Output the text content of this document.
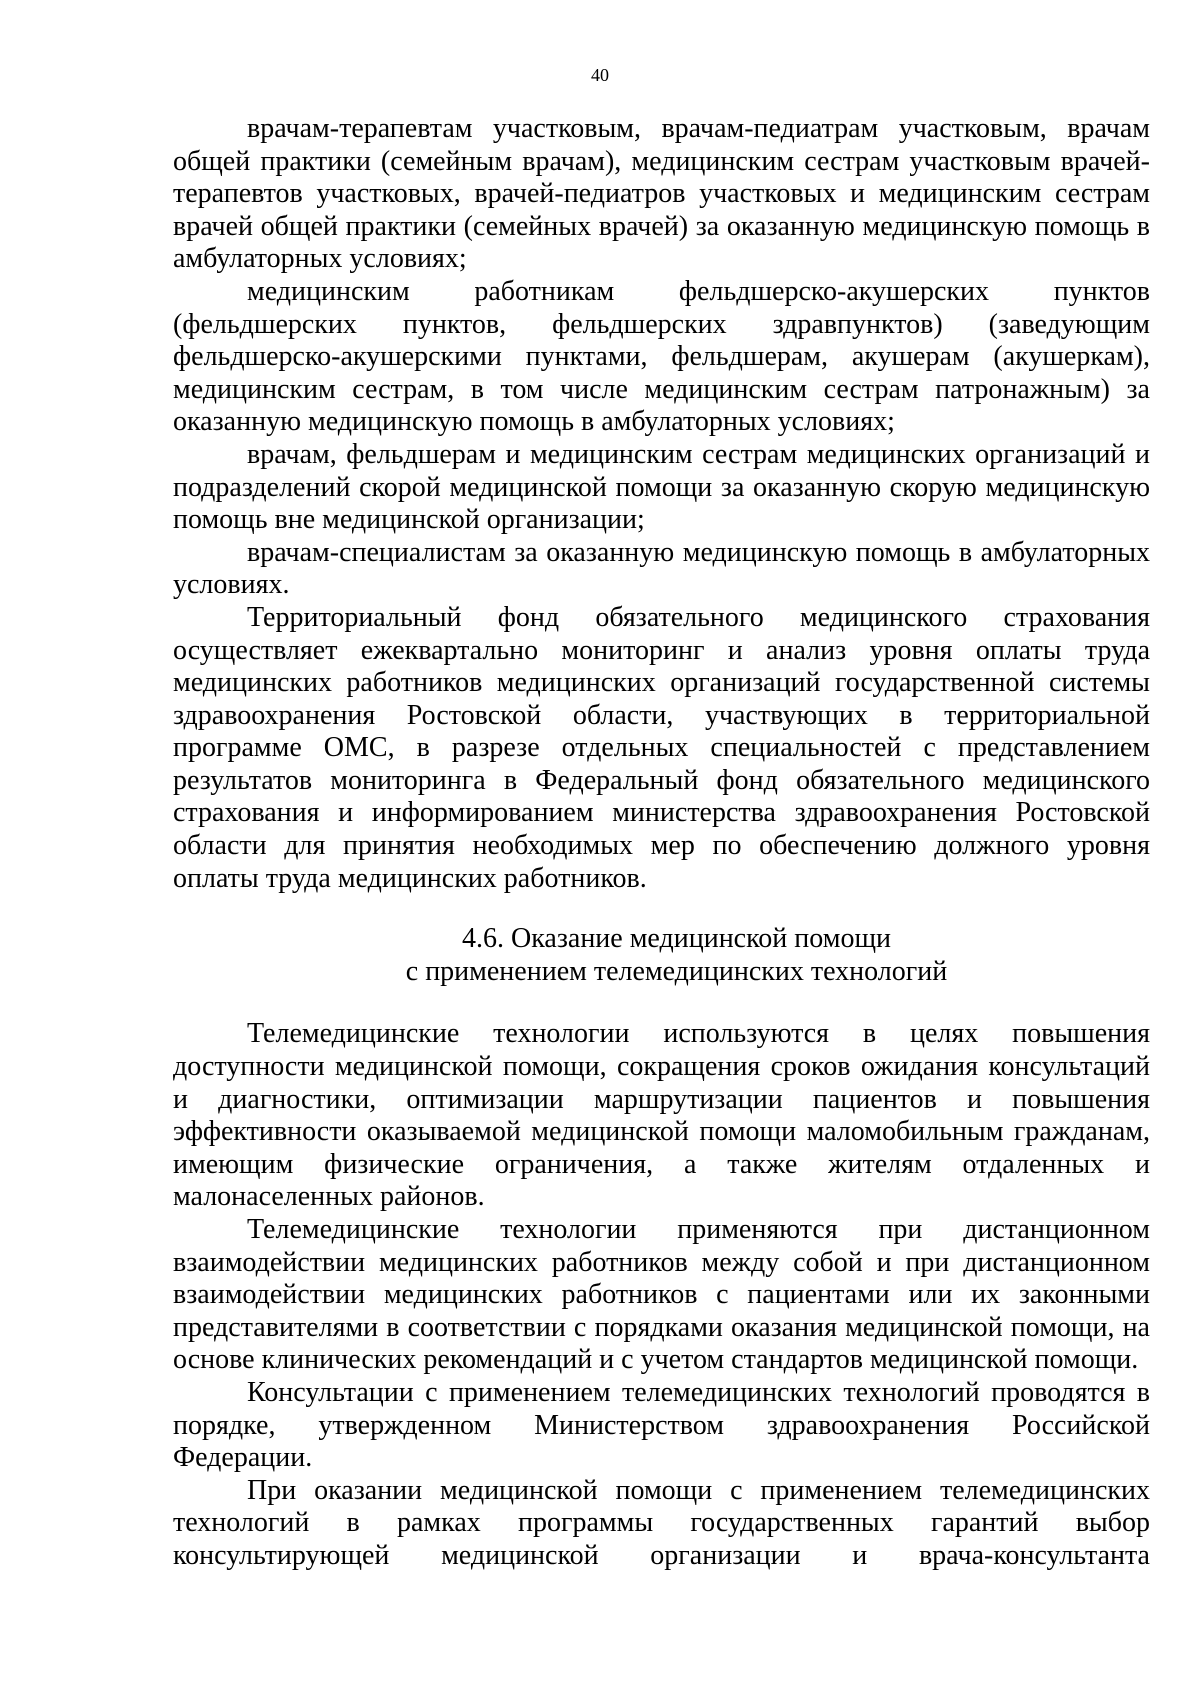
40

врачам-терапевтам участковым, врачам-педиатрам участковым, врачам общей практики (семейным врачам), медицинским сестрам участковым врачей-терапевтов участковых, врачей-педиатров участковых и медицинским сестрам врачей общей практики (семейных врачей) за оказанную медицинскую помощь в амбулаторных условиях;

медицинским работникам фельдшерско-акушерских пунктов (фельдшерских пунктов, фельдшерских здравпунктов) (заведующим фельдшерско-акушерскими пунктами, фельдшерам, акушерам (акушеркам), медицинским сестрам, в том числе медицинским сестрам патронажным) за оказанную медицинскую помощь в амбулаторных условиях;

врачам, фельдшерам и медицинским сестрам медицинских организаций и подразделений скорой медицинской помощи за оказанную скорую медицинскую помощь вне медицинской организации;

врачам-специалистам за оказанную медицинскую помощь в амбулаторных условиях.

Территориальный фонд обязательного медицинского страхования осуществляет ежеквартально мониторинг и анализ уровня оплаты труда медицинских работников медицинских организаций государственной системы здравоохранения Ростовской области, участвующих в территориальной программе ОМС, в разрезе отдельных специальностей с представлением результатов мониторинга в Федеральный фонд обязательного медицинского страхования и информированием министерства здравоохранения Ростовской области для принятия необходимых мер по обеспечению должного уровня оплаты труда медицинских работников.

4.6. Оказание медицинской помощи
с применением телемедицинских технологий

Телемедицинские технологии используются в целях повышения доступности медицинской помощи, сокращения сроков ожидания консультаций и диагностики, оптимизации маршрутизации пациентов и повышения эффективности оказываемой медицинской помощи маломобильным гражданам, имеющим физические ограничения, а также жителям отдаленных и малонаселенных районов.

Телемедицинские технологии применяются при дистанционном взаимодействии медицинских работников между собой и при дистанционном взаимодействии медицинских работников с пациентами или их законными представителями в соответствии с порядками оказания медицинской помощи, на основе клинических рекомендаций и с учетом стандартов медицинской помощи.

Консультации с применением телемедицинских технологий проводятся в порядке, утвержденном Министерством здравоохранения Российской Федерации.

При оказании медицинской помощи с применением телемедицинских технологий в рамках программы государственных гарантий выбор консультирующей медицинской организации и врача-консультанта
